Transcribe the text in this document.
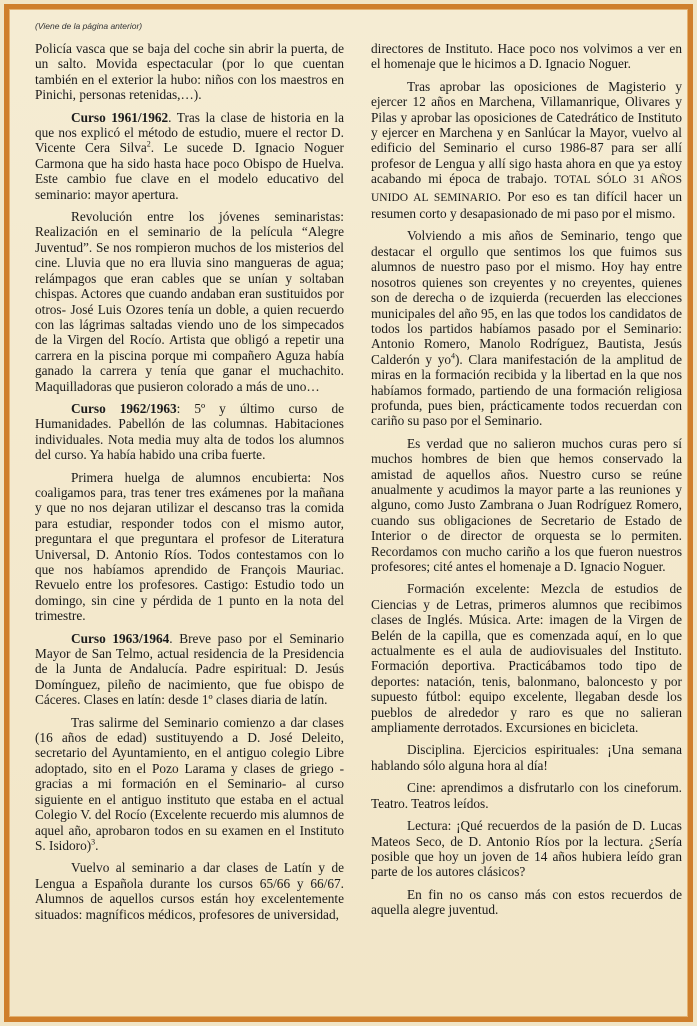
(Viene de la página anterior)

Policía vasca que se baja del coche sin abrir la puerta, de un salto. Movida espectacular (por lo que cuentan también en el exterior la hubo: niños con los maestros en Pinichi, personas retenidas,…).

Curso 1961/1962. Tras la clase de historia en la que nos explicó el método de estudio, muere el rector D. Vicente Cera Silva$^2$. Le sucede D. Ignacio Noguer Carmona que ha sido hasta hace poco Obispo de Huelva. Este cambio fue clave en el modelo educativo del seminario: mayor apertura.

Revolución entre los jóvenes seminaristas: Realización en el seminario de la película “Alegre Juventud”. Se nos rompieron muchos de los misterios del cine. Lluvia que no era lluvia sino mangueras de agua; relámpagos que eran cables que se unían y soltaban chispas. Actores que cuando andaban eran sustituidos por otros- José Luis Ozores tenía un doble, a quien recuerdo con las lágrimas saltadas viendo uno de los simpecados de la Virgen del Rocío. Artista que obligó a repetir una carrera en la piscina porque mi compañero Aguza había ganado la carrera y tenía que ganar el muchachito. Maquilladoras que pusieron colorado a más de uno…

Curso 1962/1963: 5º y último curso de Humanidades. Pabellón de las columnas. Habitaciones individuales. Nota media muy alta de todos los alumnos del curso. Ya había habido una criba fuerte.

Primera huelga de alumnos encubierta: Nos coaligamos para, tras tener tres exámenes por la mañana y que no nos dejaran utilizar el descanso tras la comida para estudiar, responder todos con el mismo autor, preguntara el que preguntara el profesor de Literatura Universal, D. Antonio Ríos. Todos contestamos con lo que nos habíamos aprendido de François Mauriac. Revuelo entre los profesores. Castigo: Estudio todo un domingo, sin cine y pérdida de 1 punto en la nota del trimestre.

Curso 1963/1964. Breve paso por el Seminario Mayor de San Telmo, actual residencia de la Presidencia de la Junta de Andalucía. Padre espiritual: D. Jesús Domínguez, pileño de nacimiento, que fue obispo de Cáceres. Clases en latín: desde 1º clases diaria de latín.

Tras salirme del Seminario comienzo a dar clases (16 años de edad) sustituyendo a D. José Deleito, secretario del Ayuntamiento, en el antiguo colegio Libre adoptado, sito en el Pozo Larama y clases de griego -gracias a mi formación en el Seminario- al curso siguiente en el antiguo instituto que estaba en el actual Colegio V. del Rocío (Excelente recuerdo mis alumnos de aquel año, aprobaron todos en su examen en el Instituto S. Isidoro)$^3$.

Vuelvo al seminario a dar clases de Latín y de Lengua a Española durante los cursos 65/66 y 66/67. Alumnos de aquellos cursos están hoy excelentemente situados: magníficos médicos, profesores de universidad,

directores de Instituto. Hace poco nos volvimos a ver en el homenaje que le hicimos a D. Ignacio Noguer.

Tras aprobar las oposiciones de Magisterio y ejercer 12 años en Marchena, Villamanrique, Olivares y Pilas y aprobar las oposiciones de Catedrático de Instituto y ejercer en Marchena y en Sanlúcar la Mayor, vuelvo al edificio del Seminario el curso 1986-87 para ser allí profesor de Lengua y allí sigo hasta ahora en que ya estoy acabando mi época de trabajo. TOTAL SÓLO 31 AÑOS UNIDO AL SEMINARIO. Por eso es tan difícil hacer un resumen corto y desapasionado de mi paso por el mismo.

Volviendo a mis años de Seminario, tengo que destacar el orgullo que sentimos los que fuimos sus alumnos de nuestro paso por el mismo. Hoy hay entre nosotros quienes son creyentes y no creyentes, quienes son de derecha o de izquierda (recuerden las elecciones municipales del año 95, en las que todos los candidatos de todos los partidos habíamos pasado por el Seminario: Antonio Romero, Manolo Rodríguez, Bautista, Jesús Calderón y $yo^4$). Clara manifestación de la amplitud de miras en la formación recibida y la libertad en la que nos habíamos formado, partiendo de una formación religiosa profunda, pues bien, prácticamente todos recuerdan con cariño su paso por el Seminario.

Es verdad que no salieron muchos curas pero sí muchos hombres de bien que hemos conservado la amistad de aquellos años. Nuestro curso se reúne anualmente y acudimos la mayor parte a las reuniones y alguno, como Justo Zambrana o Juan Rodríguez Romero, cuando sus obligaciones de Secretario de Estado de Interior o de director de orquesta se lo permiten. Recordamos con mucho cariño a los que fueron nuestros profesores; cité antes el homenaje a D. Ignacio Noguer.

Formación excelente: Mezcla de estudios de Ciencias y de Letras, primeros alumnos que recibimos clases de Inglés. Música. Arte: imagen de la Virgen de Belén de la capilla, que es comenzada aquí, en lo que actualmente es el aula de audiovisuales del Instituto. Formación deportiva. Practicábamos todo tipo de deportes: natación, tenis, balonmano, baloncesto y por supuesto fútbol: equipo excelente, llegaban desde los pueblos de alrededor y raro es que no salieran ampliamente derrotados. Excursiones en bicicleta.

Disciplina. Ejercicios espirituales: ¡Una semana hablando sólo alguna hora al día!

Cine: aprendimos a disfrutarlo con los cineforum. Teatro. Teatros leídos.

Lectura: ¡Qué recuerdos de la pasión de D. Lucas Mateos Seco, de D. Antonio Ríos por la lectura. ¿Sería posible que hoy un joven de 14 años hubiera leído gran parte de los autores clásicos?

En fin no os canso más con estos recuerdos de aquella alegre juventud.
